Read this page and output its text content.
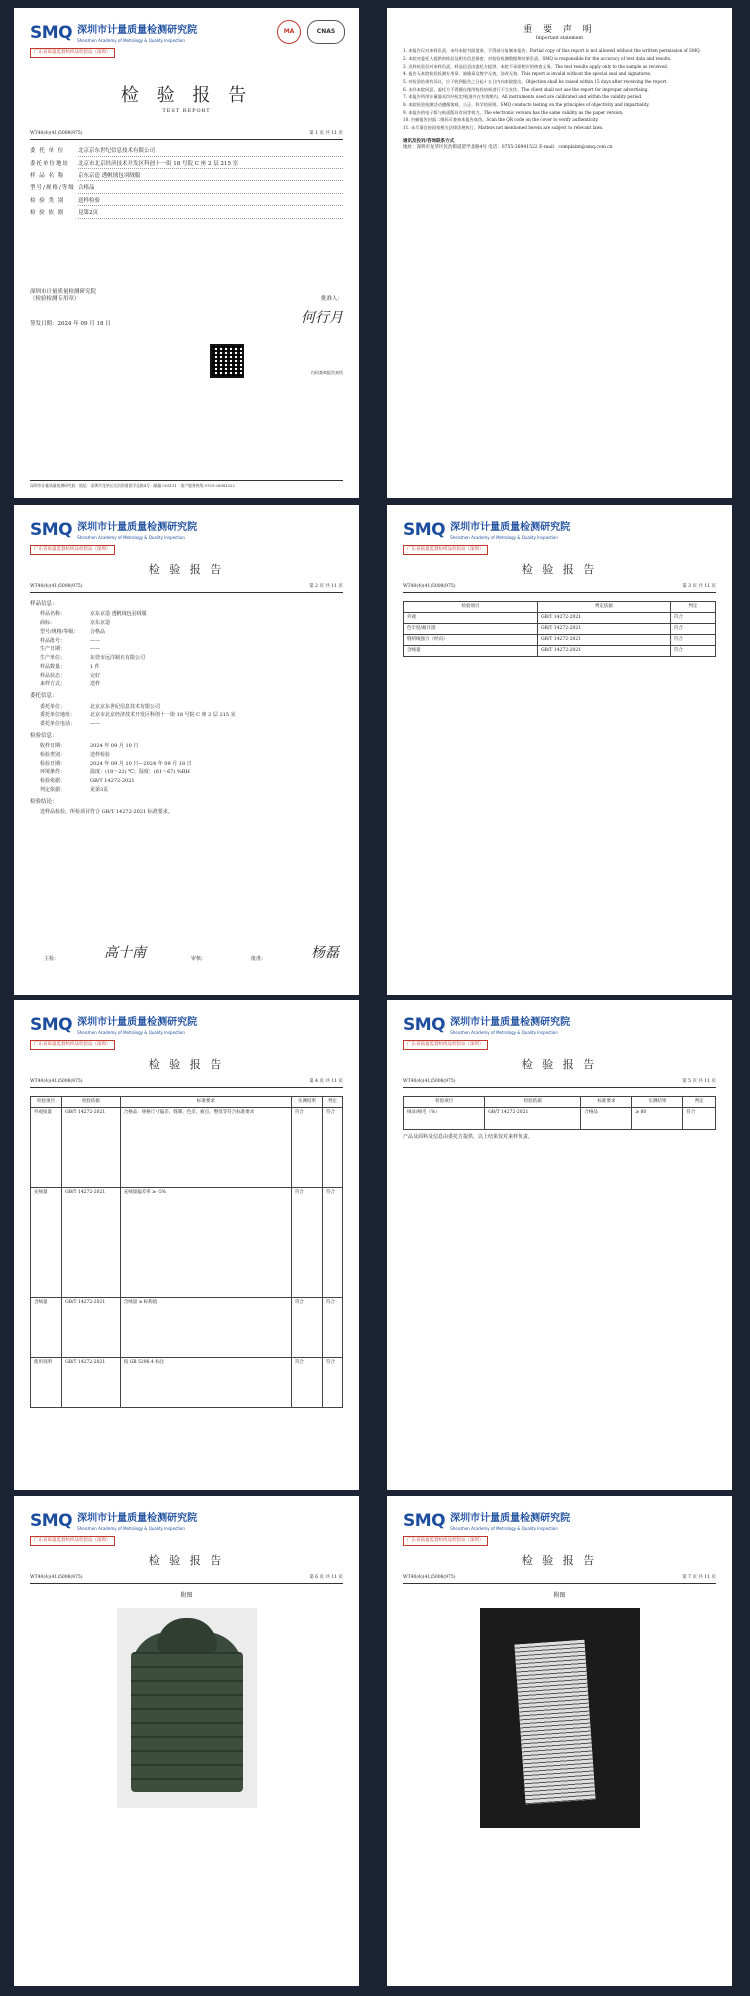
SMQ 深圳市计量质量检测研究院
Shenzhen Academy of Metrology & Quality Inspection
广东省质量监督纺织品检验站（深圳）
MA	CNAS
检 验 报 告
TEST REPORT
WT40(4)(41)5008(975)	第 1 页 共 11 页
委 托 单 位	北京京东世纪信息技术有限公司
委托单位地址	北京市北京经济技术开发区科创十一街 18 号院 C 座 2 层 215 室
样 品 名 称	京东京造 透帆绒包羽绒服
型号/规格/等级 合格品
检 验 类 别	送样检验
检 验 依 据	見第2页
深圳市计量质量检测研究院
（检验检测专用章）	批准人：
签发日期：2024 年 09 月 18 日	何行月
扫码查询报告真伪
深圳市计量质量检测研究院 · 地址：深圳市龙华区民治街道留学北路4号 · 邮编 518131 · 客户服务热线 0755-26941522
重 要 声 明
Important statement

1. 本报告仅对来样负责，未经本院书面批准，不得部分复制本报告。Partial copy of this report is not allowed without the written permission of SMQ.

2. 本院对委托人提供的样品及相关信息保密，对检验检测数据和结果负责。SMQ is responsible for the accuracy of test data and results.

3. 送样检验仅对来样负责，样品信息由委托方提供，本院不承担相应的核查义务。The test results apply only to the sample as received.

4. 报告无本院检验检测专用章、骑缝章及签字无效，涂改无效。This report is invalid without the special seal and signatures.

5. 对检验结果有异议，应于收到报告之日起十五日内向本院提出。Objection shall be raised within 15 days after receiving the report.

6. 未经本院同意，委托方不得擅自使用检验结果进行不当宣传。The client shall not use the report for improper advertising.

7. 本报告所用计量器具均经检定/校准并在有效期内。All instruments used are calibrated and within the validity period.

8. 本院检验检测活动遵循客观、公正、科学的原则。SMQ conducts testing on the principles of objectivity and impartiality.

9. 本报告的电子版与纸质版具有同等效力。The electronic version has the same validity as the paper version.

10. 扫描报告封面二维码可查询本报告真伪。Scan the QR code on the cover to verify authenticity.

11. 未尽事宜按国家相关法律法规执行。Matters not mentioned herein are subject to relevant laws.

通讯及投诉/咨询联系方式
地址：深圳市龙华区民治街道留学北路4号 电话：0755-26941522 E-mail：complaint@smq.com.cn
SMQ 深圳市计量质量检测研究院
Shenzhen Academy of Metrology & Quality Inspection
广东省质量监督纺织品检验站（深圳）
检 验 报 告
WT40(4)(41)5008(975)	第 2 页 共 11 页
样品信息：
样品名称：	京东京造 透帆绒包羽绒服
商标：	京东京造
型号/规格/等级：	合格品
样品批号：	——
生产日期：	——
生产单位：	东莞市远洋制衣有限公司
样品数量：	1 件
样品状态：	完好
来样方式：	送样
委托信息：
委托单位：	北京京东世纪信息技术有限公司
委托单位地址：	北京市北京经济技术开发区科创十一街 18 号院 C 座 2 层 215 室
委托单位电话：	——
检验信息：
收样日期：	2024 年 09 月 10 日
检验类别：	送样检验
检验日期：	2024 年 09 月 10 日—2024 年 09 月 18 日
环境条件：	温度：(18～22) ℃；湿度：(61～67) %RH
检验依据：	GB/T 14272-2021
判定依据：	见第3页
检验结论：
送样品检验，所检项目符合 GB/T 14272-2021 标准要求。
主检：	高十南	审核：	批准：	杨磊
SMQ 深圳市计量质量检测研究院
Shenzhen Academy of Metrology & Quality Inspection
广东省质量监督纺织品检验站（深圳）
检 验 报 告
WT40(4)(41)5008(975)	第 3 页 共 11 页
检验项目	判定依据	判定
外观	GB/T 14272-2021	符合
色牢度/耐汗渍	GB/T 14272-2021	符合
缝纫线强力（经向）	GB/T 14272-2021	符合
含绒量	GB/T 14272-2021	符合
SMQ 深圳市计量质量检测研究院
Shenzhen Academy of Metrology & Quality Inspection
广东省质量监督纺织品检验站（深圳）
检 验 报 告
WT40(4)(41)5008(975)	第 4 页 共 11 页
检验项目	检验依据	标准要求	实测结果	判定
外观质量	GB/T 14272-2021	合格品：规格尺寸偏差、缝制、色差、疵点、整烫等符合标准要求	符合	符合
充绒量	GB/T 14272-2021	充绒量偏差率 ≥ -5%	符合	符合
含绒量	GB/T 14272-2021	含绒量 ≥ 标称值	符合	符合
使用说明	GB/T 14272-2021	按 GB 5296.4 标注	符合	符合
SMQ 深圳市计量质量检测研究院
Shenzhen Academy of Metrology & Quality Inspection
广东省质量监督纺织品检验站（深圳）
检 验 报 告
WT40(4)(41)5008(975)	第 5 页 共 11 页
检验项目	检验依据	标准要求	实测结果	判定
绒朵/绒毛（%）	GB/T 14272-2021	合格品	≥ 80	符合
产品及面料及信息由委托方提供，以上结果仅对来样负责。
SMQ 深圳市计量质量检测研究院
Shenzhen Academy of Metrology & Quality Inspection
广东省质量监督纺织品检验站（深圳）
检 验 报 告
WT40(4)(41)5008(975)	第 6 页 共 11 页
附图
SMQ 深圳市计量质量检测研究院
Shenzhen Academy of Metrology & Quality Inspection
广东省质量监督纺织品检验站（深圳）
检 验 报 告
WT40(4)(41)5008(975)	第 7 页 共 11 页
附图
